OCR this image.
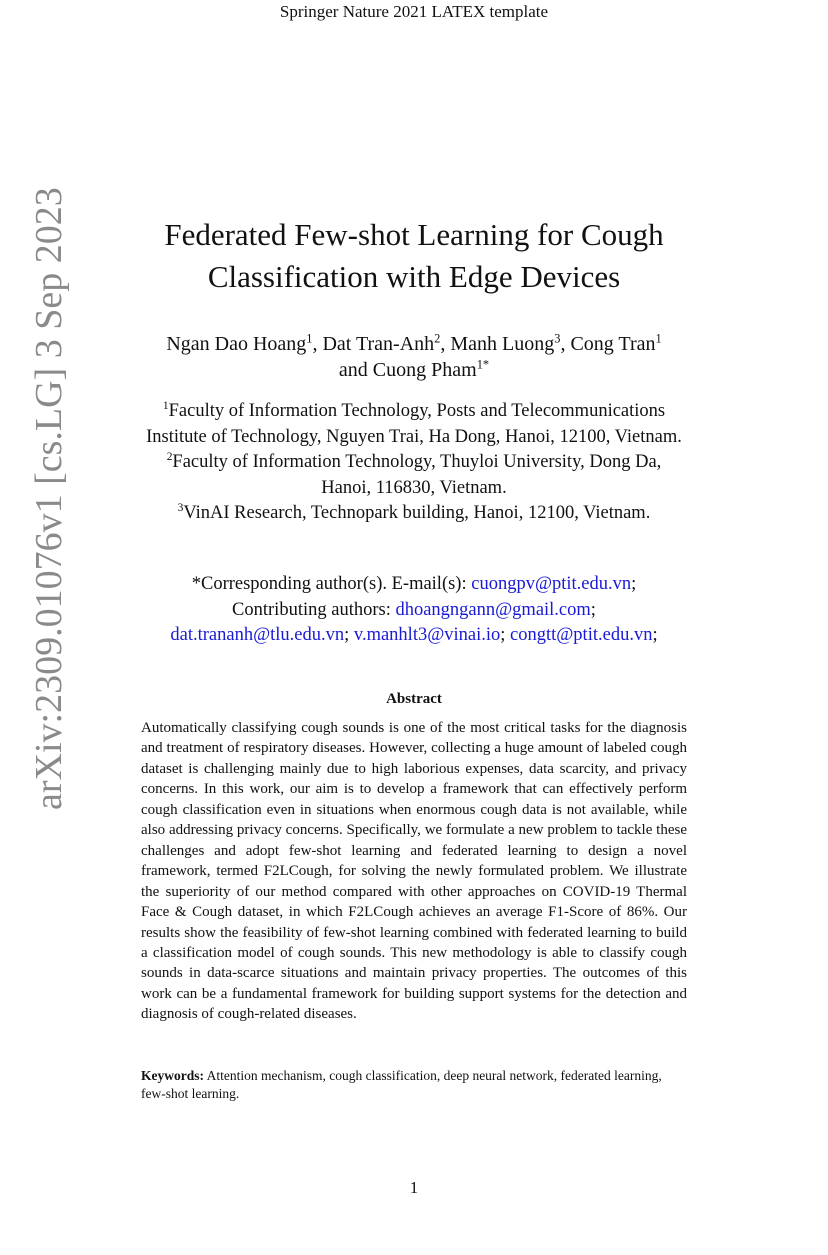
Springer Nature 2021 LATEX template
arXiv:2309.01076v1 [cs.LG] 3 Sep 2023	Federated Few-shot Learning for Cough
Classification with Edge Devices
Ngan Dao Hoang$^1$, Dat Tran-Anh$^2$, Manh Luong$^3$, Cong Tran$^1$
and Cuong Pham$^{1*}$
$^1$Faculty of Information Technology, Posts and Telecommunications
Institute of Technology, Nguyen Trai, Ha Dong, Hanoi, 12100, Vietnam.
$^2$Faculty of Information Technology, Thuyloi University, Dong Da,
Hanoi, 116830, Vietnam.
$^3$VinAI Research, Technopark building, Hanoi, 12100, Vietnam.
*Corresponding author(s). E-mail(s): cuongpv@ptit.edu.vn;
Contributing authors: dhoangngann@gmail.com;
dat.trananh@tlu.edu.vn; v.manhlt3@vinai.io; congtt@ptit.edu.vn;
Abstract
Automatically classifying cough sounds is one of the most critical tasks for the diagnosis and treatment of respiratory diseases. However, collecting a huge amount of labeled cough dataset is challenging mainly due to high laborious expenses, data scarcity, and privacy concerns. In this work, our aim is to develop a framework that can effectively perform cough classification even in situations when enormous cough data is not available, while also addressing privacy concerns. Specifically, we formulate a new problem to tackle these challenges and adopt few-shot learning and federated learning to design a novel framework, termed F2LCough, for solving the newly formulated problem. We illustrate the superiority of our method compared with other approaches on COVID-19 Thermal Face & Cough dataset, in which F2LCough achieves an average F1-Score of 86%. Our results show the feasibility of few-shot learning combined with federated learning to build a classification model of cough sounds. This new methodology is able to classify cough sounds in data-scarce situations and maintain privacy properties. The outcomes of this work can be a fundamental framework for building support systems for the detection and diagnosis of cough-related diseases.
Keywords: Attention mechanism, cough classification, deep neural network, federated learning, few-shot learning.
1
